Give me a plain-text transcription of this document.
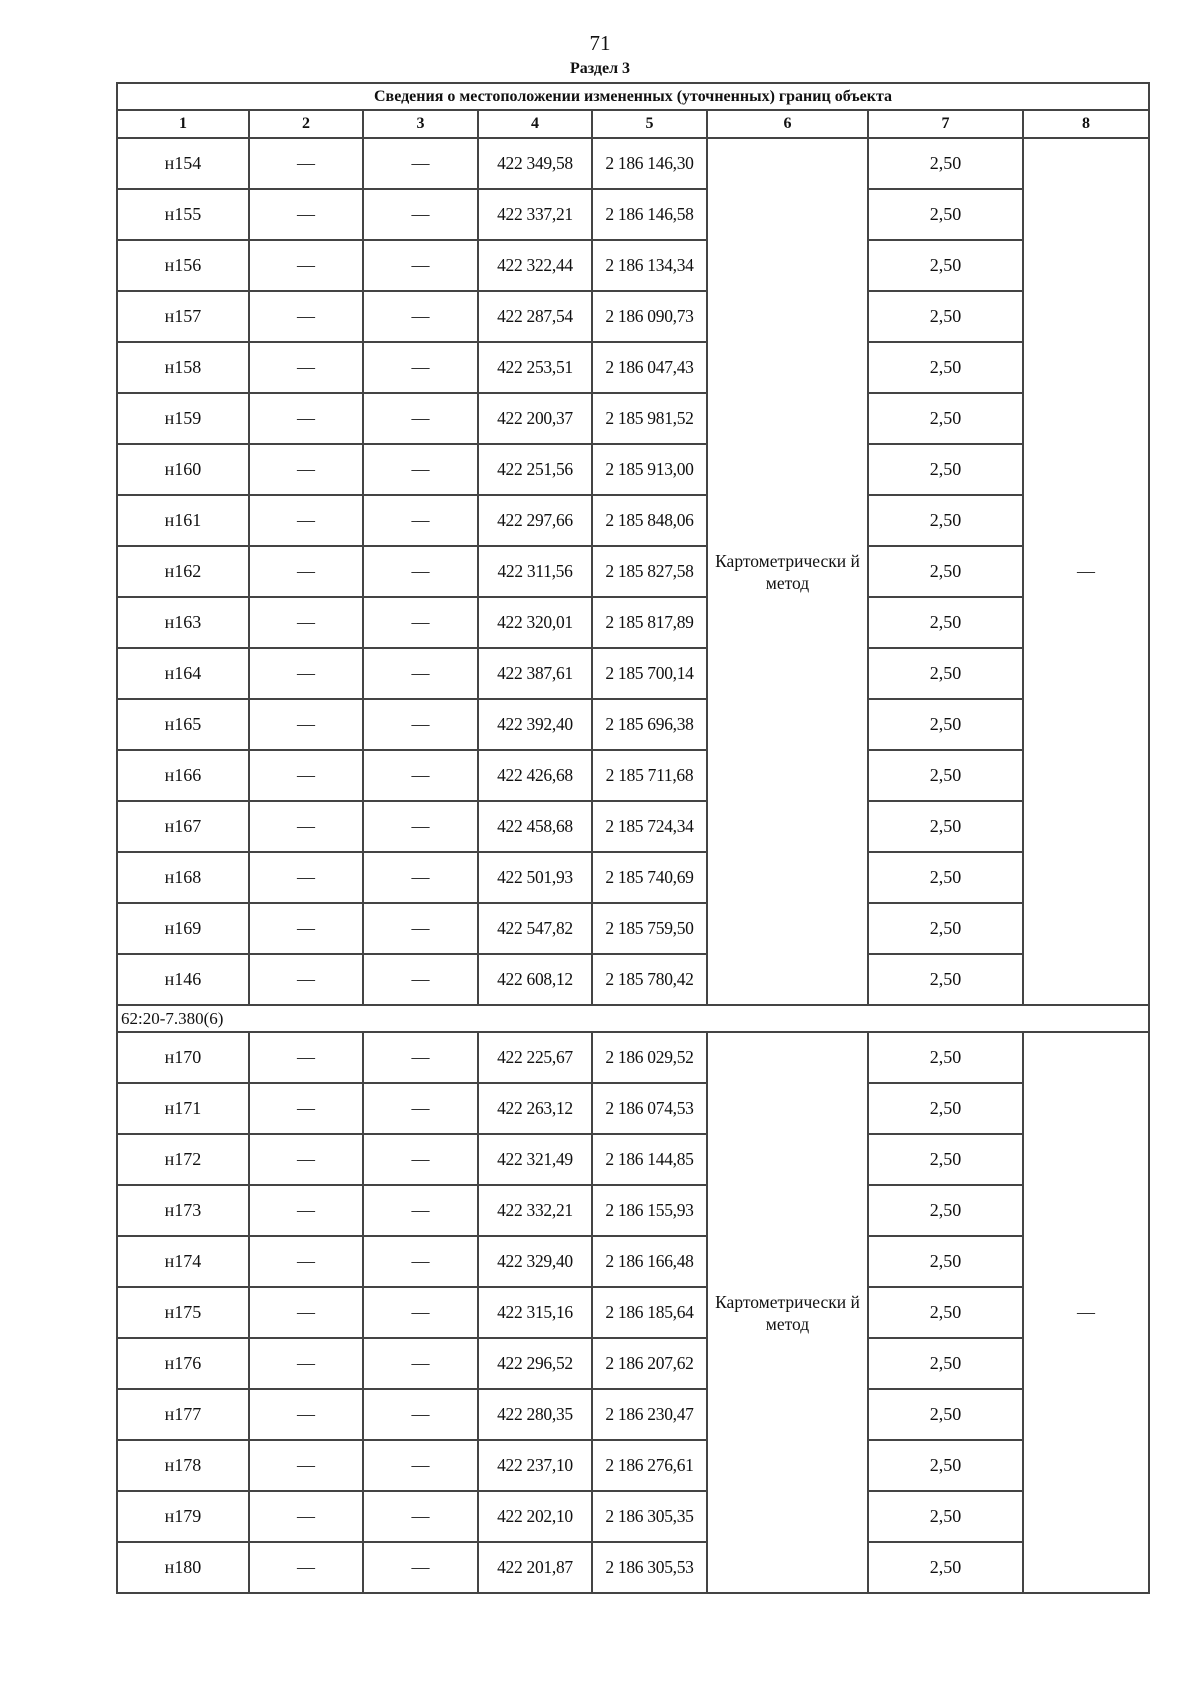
71
Раздел 3
Сведения о местоположении измененных (уточненных) границ объекта							
1	2	3	4	5	6	7	8
н154	—	—	422 349,58	2 186 146,30	Картометрически й метод	2,50	—
н155	—	—	422 337,21	2 186 146,58		2,50	
н156	—	—	422 322,44	2 186 134,34		2,50	
н157	—	—	422 287,54	2 186 090,73		2,50	
н158	—	—	422 253,51	2 186 047,43		2,50	
н159	—	—	422 200,37	2 185 981,52		2,50	
н160	—	—	422 251,56	2 185 913,00		2,50	
н161	—	—	422 297,66	2 185 848,06		2,50	
н162	—	—	422 311,56	2 185 827,58		2,50	
н163	—	—	422 320,01	2 185 817,89		2,50	
н164	—	—	422 387,61	2 185 700,14		2,50	
н165	—	—	422 392,40	2 185 696,38		2,50	
н166	—	—	422 426,68	2 185 711,68		2,50	
н167	—	—	422 458,68	2 185 724,34		2,50	
н168	—	—	422 501,93	2 185 740,69		2,50	
н169	—	—	422 547,82	2 185 759,50		2,50	
н146	—	—	422 608,12	2 185 780,42		2,50	
62:20-7.380(6)							
н170	—	—	422 225,67	2 186 029,52	Картометрически й метод	2,50	—
н171	—	—	422 263,12	2 186 074,53		2,50	
н172	—	—	422 321,49	2 186 144,85		2,50	
н173	—	—	422 332,21	2 186 155,93		2,50	
н174	—	—	422 329,40	2 186 166,48		2,50	
н175	—	—	422 315,16	2 186 185,64		2,50	
н176	—	—	422 296,52	2 186 207,62		2,50	
н177	—	—	422 280,35	2 186 230,47		2,50	
н178	—	—	422 237,10	2 186 276,61		2,50	
н179	—	—	422 202,10	2 186 305,35		2,50	
н180	—	—	422 201,87	2 186 305,53		2,50	
